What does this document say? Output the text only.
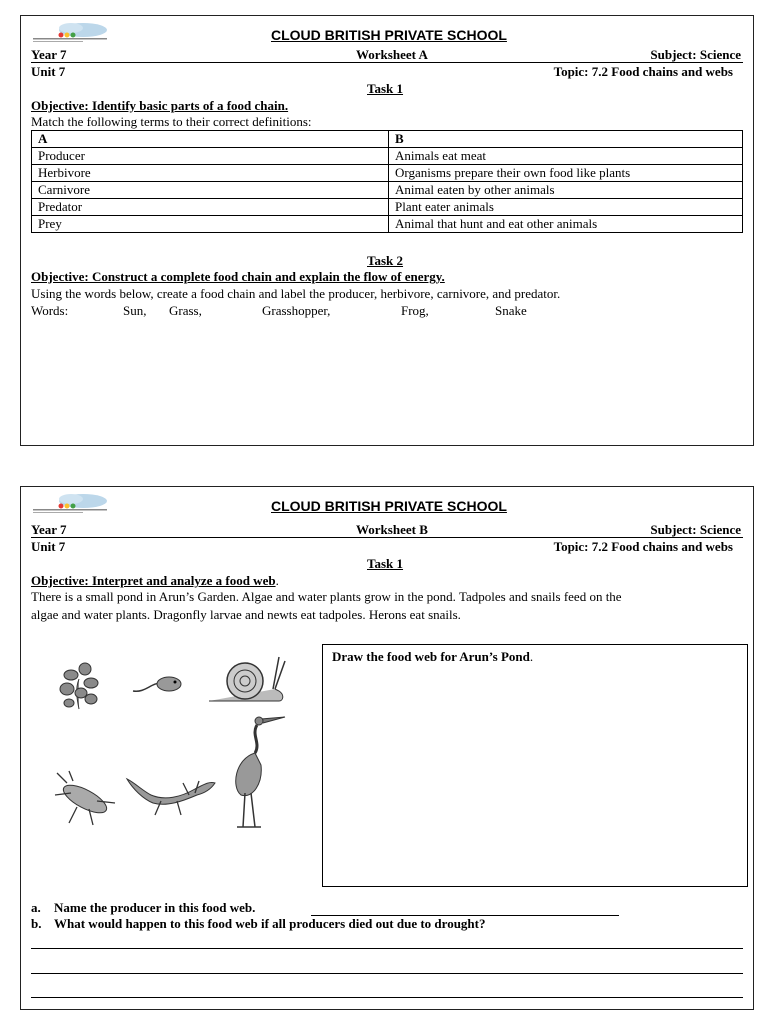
CLOUD BRITISH PRIVATE SCHOOL
Year 7	Worksheet A	Subject: Science
Unit 7	Topic: 7.2 Food chains and webs
Task 1
Objective: Identify basic parts of a food chain.
Match the following terms to their correct definitions:
A	B
Producer	Animals eat meat
Herbivore	Organisms prepare their own food like plants
Carnivore	Animal eaten by other animals
Predator	Plant eater animals
Prey	Animal that hunt and eat other animals
Task 2
Objective: Construct a complete food chain and explain the flow of energy.
Using the words below, create a food chain and label the producer, herbivore, carnivore, and predator.
Words:	Sun, Grass,	Grasshopper,	Frog,	Snake
CLOUD BRITISH PRIVATE SCHOOL
Year 7	Worksheet B	Subject: Science
Unit 7	Topic: 7.2 Food chains and webs
Task 1
Objective: Interpret and analyze a food web.
There is a small pond in Arun’s Garden. Algae and water plants grow in the pond. Tadpoles and snails feed on the
algae and water plants. Dragonfly larvae and newts eat tadpoles. Herons eat snails.
Draw the food web for Arun’s Pond.
a. Name the producer in this food web.
b. What would happen to this food web if all producers died out due to drought?
